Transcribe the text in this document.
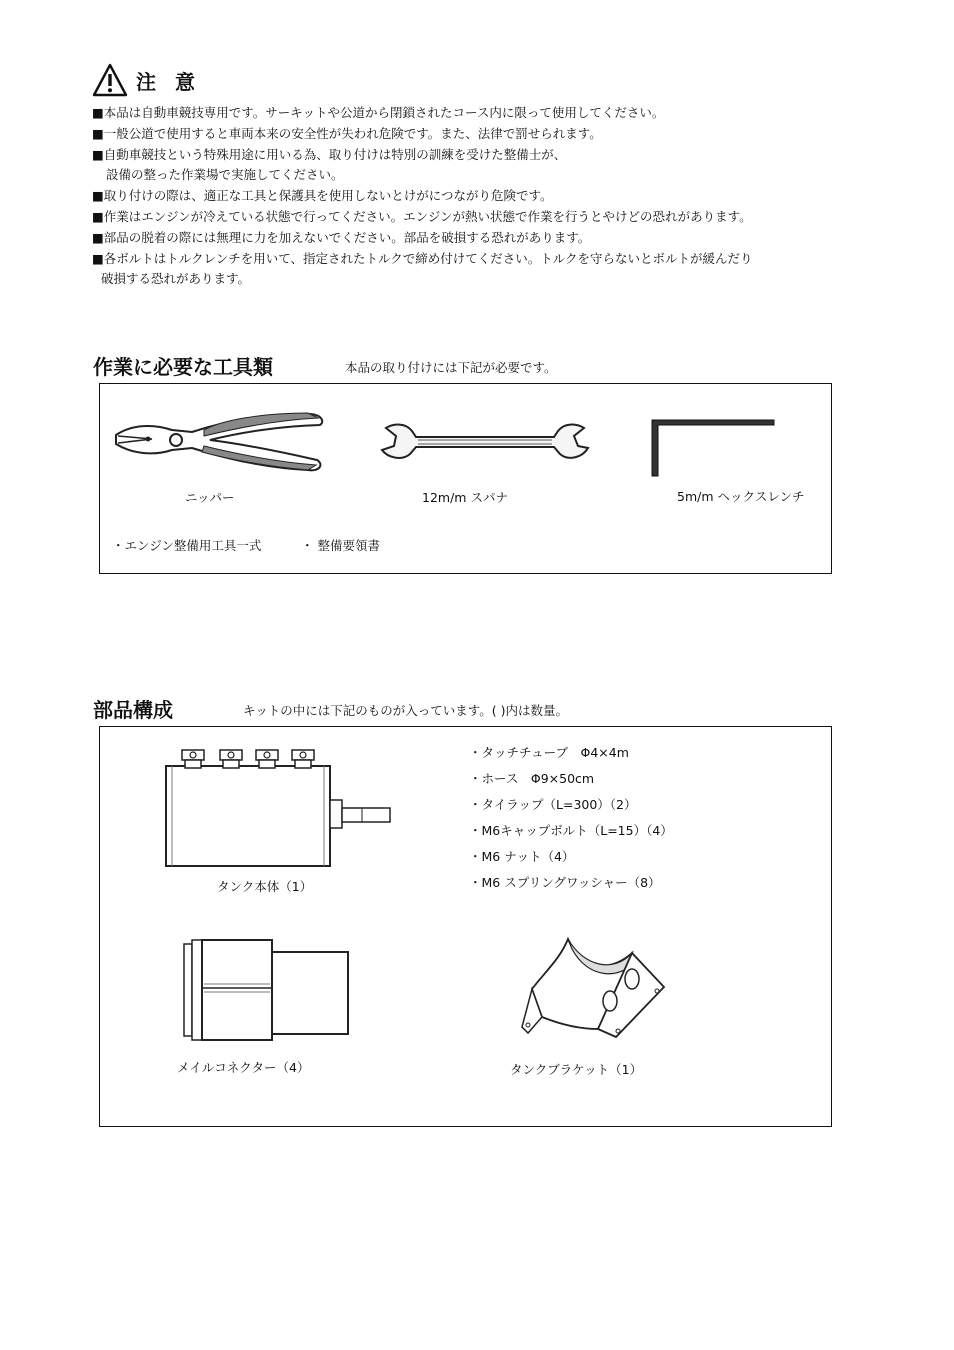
注 意
■本品は自動車競技専用です。サーキットや公道から閉鎖されたコース内に限って使用してください。
■一般公道で使用すると車両本来の安全性が失われ危険です。また、法律で罰せられます。
■自動車競技という特殊用途に用いる為、取り付けは特別の訓練を受けた整備士が、
設備の整った作業場で実施してください。
■取り付けの際は、適正な工具と保護具を使用しないとけがにつながり危険です。
■作業はエンジンが冷えている状態で行ってください。エンジンが熱い状態で作業を行うとやけどの恐れがあります。
■部品の脱着の際には無理に力を加えないでください。部品を破損する恐れがあります。
■各ボルトはトルクレンチを用いて、指定されたトルクで締め付けてください。トルクを守らないとボルトが緩んだり
破損する恐れがあります。
作業に必要な工具類	本品の取り付けには下記が必要です。
ニッパー	12m/m スパナ	5m/m ヘックスレンチ
・エンジン整備用工具一式	・ 整備要領書
部品構成	キットの中には下記のものが入っています。( )内は数量。
タンク本体（1）
・タッチチューブ　Φ4×4m
・ホース　Φ9×50cm
・タイラップ（L=300）（2）
・M6キャップボルト（L=15）（4）
・M6 ナット（4）
・M6 スプリングワッシャー（8）
メイルコネクター（4）	タンクブラケット（1）
